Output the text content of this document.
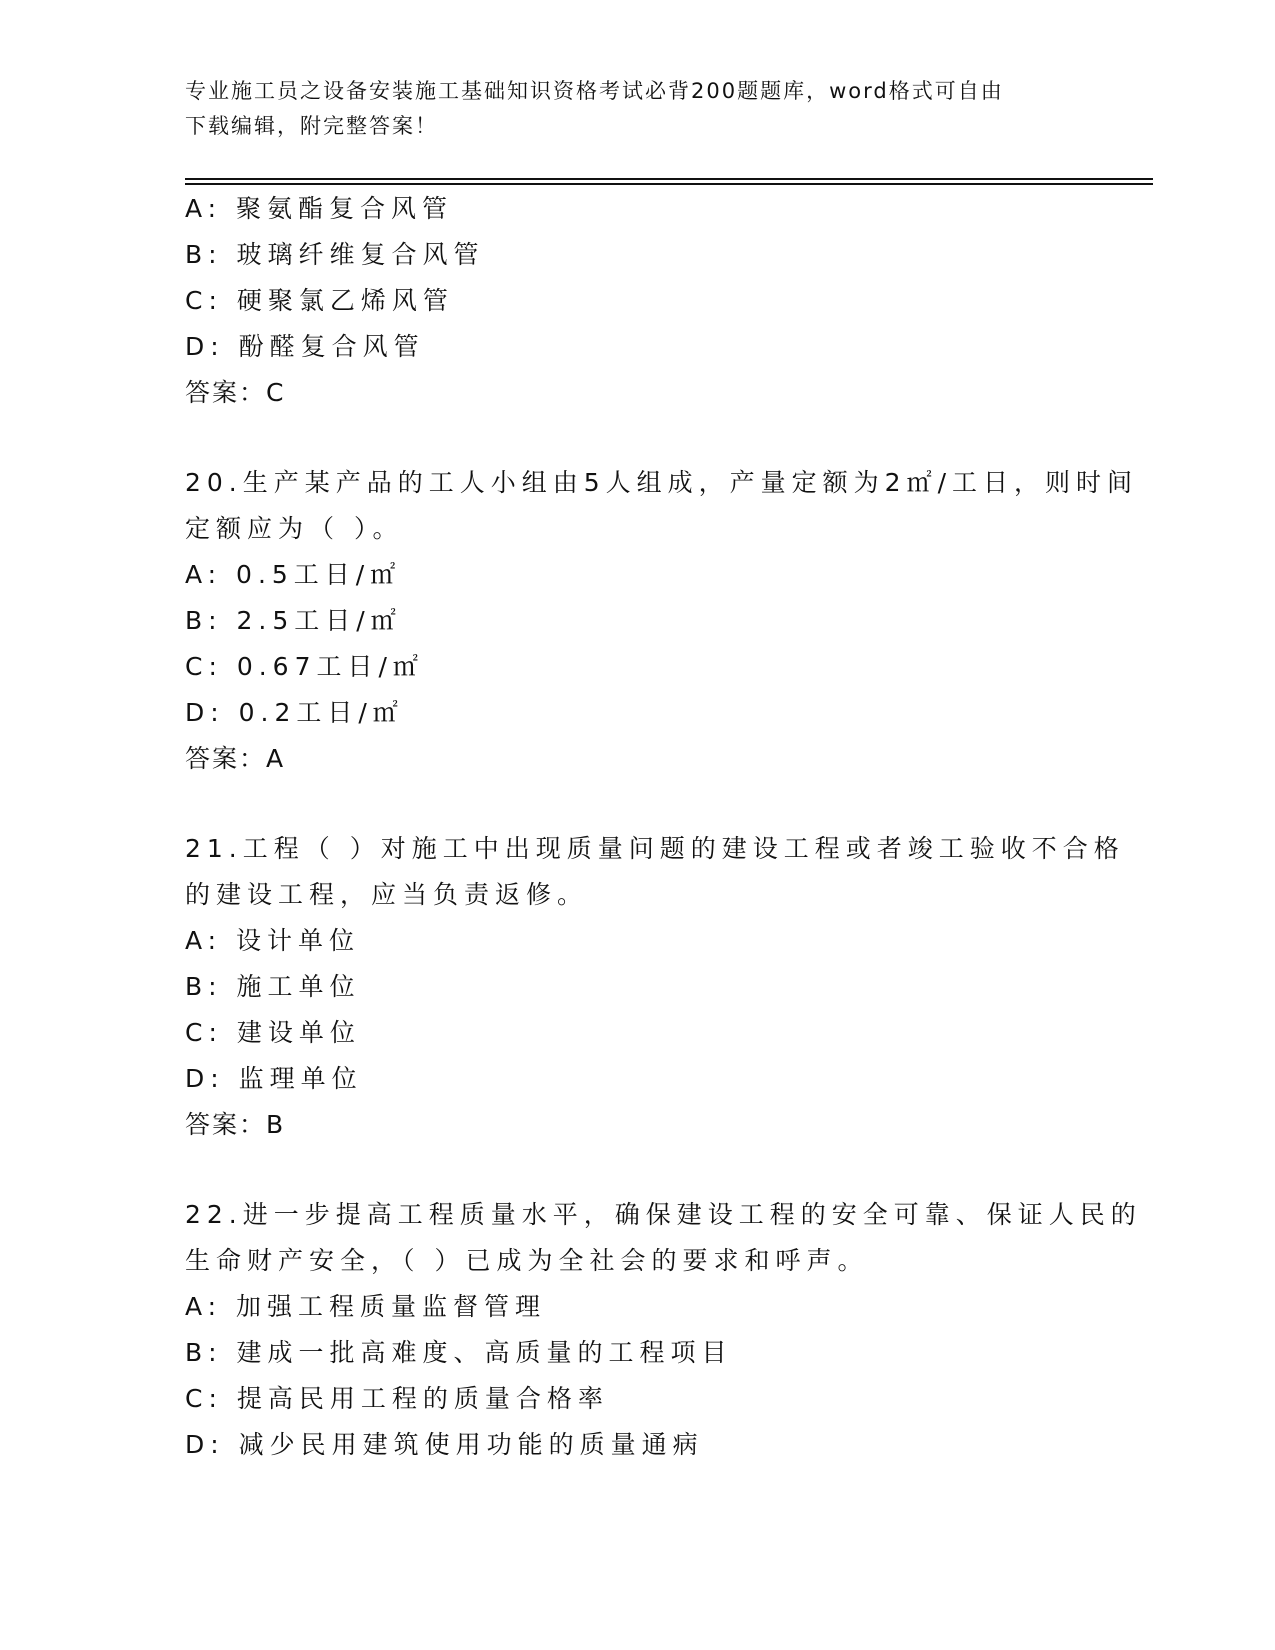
专业施工员之设备安装施工基础知识资格考试必背200题题库，word格式可自由
下载编辑，附完整答案！
A: 聚氨酯复合风管
B: 玻璃纤维复合风管
C: 硬聚氯乙烯风管
D: 酚醛复合风管
答案：C
20.生产某产品的工人小组由5人组成，产量定额为2㎡/工日，则时间
定额应为（ ）。
A: 0.5工日/㎡
B: 2.5工日/㎡
C: 0.67工日/㎡
D: 0.2工日/㎡
答案：A
21.工程（ ）对施工中出现质量问题的建设工程或者竣工验收不合格
的建设工程，应当负责返修。
A: 设计单位
B: 施工单位
C: 建设单位
D: 监理单位
答案：B
22.进一步提高工程质量水平，确保建设工程的安全可靠、保证人民的
生命财产安全，（ ）已成为全社会的要求和呼声。
A: 加强工程质量监督管理
B: 建成一批高难度、高质量的工程项目
C: 提高民用工程的质量合格率
D: 减少民用建筑使用功能的质量通病
